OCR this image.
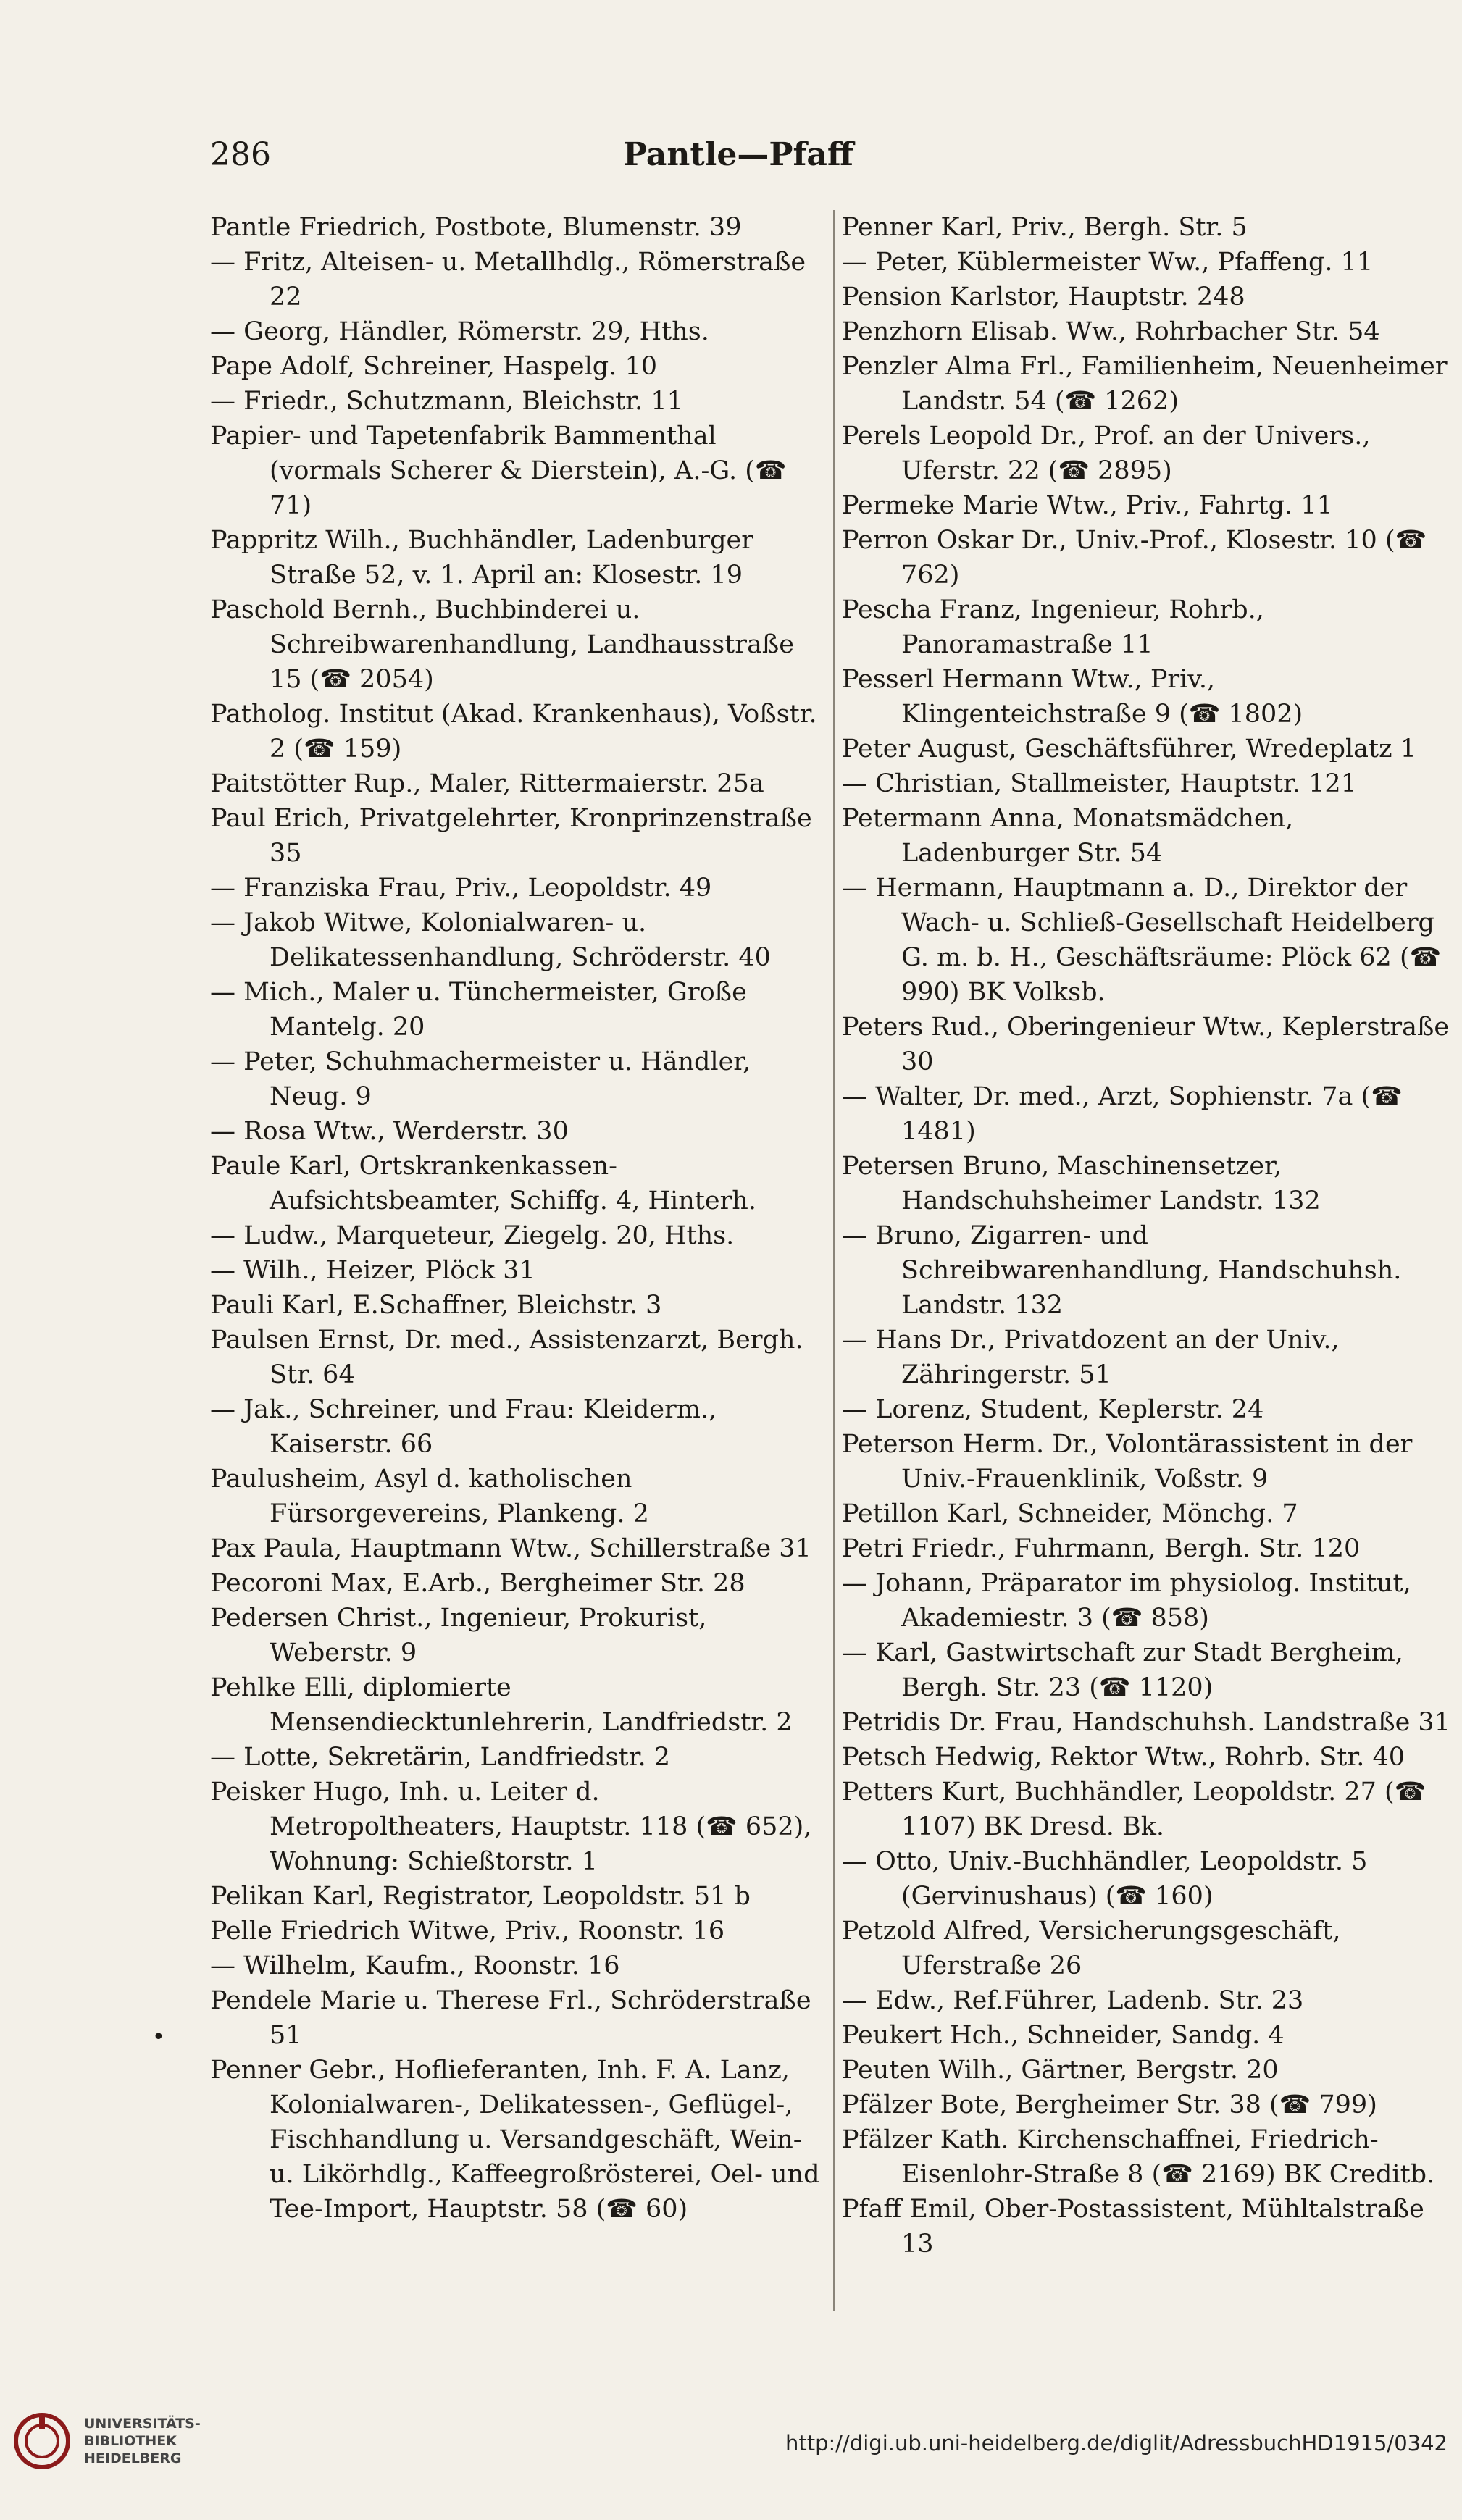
286	Pantle—Pfaff

Pantle Friedrich, Postbote, Blumenstr. 39

— Fritz, Alteisen- u. Metallhdlg., Römerstraße 22

— Georg, Händler, Römerstr. 29, Hths.

Pape Adolf, Schreiner, Haspelg. 10

— Friedr., Schutzmann, Bleichstr. 11

Papier- und Tapetenfabrik Bammenthal (vormals Scherer & Dierstein), A.-G. (☎ 71)

Pappritz Wilh., Buchhändler, Ladenburger Straße 52, v. 1. April an: Klosestr. 19

Paschold Bernh., Buchbinderei u. Schreibwarenhandlung, Landhausstraße 15 (☎ 2054)

Patholog. Institut (Akad. Krankenhaus), Voßstr. 2 (☎ 159)

Paitstötter Rup., Maler, Rittermaierstr. 25a

Paul Erich, Privatgelehrter, Kronprinzenstraße 35

— Franziska Frau, Priv., Leopoldstr. 49

— Jakob Witwe, Kolonialwaren- u. Delikatessenhandlung, Schröderstr. 40

— Mich., Maler u. Tünchermeister, Große Mantelg. 20

— Peter, Schuhmachermeister u. Händler, Neug. 9

— Rosa Wtw., Werderstr. 30

Paule Karl, Ortskrankenkassen-Aufsichtsbeamter, Schiffg. 4, Hinterh.

— Ludw., Marqueteur, Ziegelg. 20, Hths.

— Wilh., Heizer, Plöck 31

Pauli Karl, E.Schaffner, Bleichstr. 3

Paulsen Ernst, Dr. med., Assistenzarzt, Bergh. Str. 64

— Jak., Schreiner, und Frau: Kleiderm., Kaiserstr. 66

Paulusheim, Asyl d. katholischen Fürsorgevereins, Plankeng. 2

Pax Paula, Hauptmann Wtw., Schillerstraße 31

Pecoroni Max, E.Arb., Bergheimer Str. 28

Pedersen Christ., Ingenieur, Prokurist, Weberstr. 9

Pehlke Elli, diplomierte Mensendiecktunlehrerin, Landfriedstr. 2

— Lotte, Sekretärin, Landfriedstr. 2

Peisker Hugo, Inh. u. Leiter d. Metropoltheaters, Hauptstr. 118 (☎ 652), Wohnung: Schießtorstr. 1

Pelikan Karl, Registrator, Leopoldstr. 51 b

Pelle Friedrich Witwe, Priv., Roonstr. 16

— Wilhelm, Kaufm., Roonstr. 16

Pendele Marie u. Therese Frl., Schröderstraße 51

Penner Gebr., Hoflieferanten, Inh. F. A. Lanz, Kolonialwaren-, Delikatessen-, Geflügel-, Fischhandlung u. Versandgeschäft, Wein- u. Likörhdlg., Kaffeegroßrösterei, Oel- und Tee-Import, Hauptstr. 58 (☎ 60)

Penner Karl, Priv., Bergh. Str. 5

— Peter, Küblermeister Ww., Pfaffeng. 11

Pension Karlstor, Hauptstr. 248

Penzhorn Elisab. Ww., Rohrbacher Str. 54

Penzler Alma Frl., Familienheim, Neuenheimer Landstr. 54 (☎ 1262)

Perels Leopold Dr., Prof. an der Univers., Uferstr. 22 (☎ 2895)

Permeke Marie Wtw., Priv., Fahrtg. 11

Perron Oskar Dr., Univ.-Prof., Klosestr. 10 (☎ 762)

Pescha Franz, Ingenieur, Rohrb., Panoramastraße 11

Pesserl Hermann Wtw., Priv., Klingenteichstraße 9 (☎ 1802)

Peter August, Geschäftsführer, Wredeplatz 1

— Christian, Stallmeister, Hauptstr. 121

Petermann Anna, Monatsmädchen, Ladenburger Str. 54

— Hermann, Hauptmann a. D., Direktor der Wach- u. Schließ-Gesellschaft Heidelberg G. m. b. H., Geschäftsräume: Plöck 62 (☎ 990) BK Volksb.

Peters Rud., Oberingenieur Wtw., Keplerstraße 30

— Walter, Dr. med., Arzt, Sophienstr. 7a (☎ 1481)

Petersen Bruno, Maschinensetzer, Handschuhsheimer Landstr. 132

— Bruno, Zigarren- und Schreibwarenhandlung, Handschuhsh. Landstr. 132

— Hans Dr., Privatdozent an der Univ., Zähringerstr. 51

— Lorenz, Student, Keplerstr. 24

Peterson Herm. Dr., Volontärassistent in der Univ.-Frauenklinik, Voßstr. 9

Petillon Karl, Schneider, Mönchg. 7

Petri Friedr., Fuhrmann, Bergh. Str. 120

— Johann, Präparator im physiolog. Institut, Akademiestr. 3 (☎ 858)

— Karl, Gastwirtschaft zur Stadt Bergheim, Bergh. Str. 23 (☎ 1120)

Petridis Dr. Frau, Handschuhsh. Landstraße 31

Petsch Hedwig, Rektor Wtw., Rohrb. Str. 40

Petters Kurt, Buchhändler, Leopoldstr. 27 (☎ 1107) BK Dresd. Bk.

— Otto, Univ.-Buchhändler, Leopoldstr. 5 (Gervinushaus) (☎ 160)

Petzold Alfred, Versicherungsgeschäft, Uferstraße 26

— Edw., Ref.Führer, Ladenb. Str. 23

Peukert Hch., Schneider, Sandg. 4

Peuten Wilh., Gärtner, Bergstr. 20

Pfälzer Bote, Bergheimer Str. 38 (☎ 799)

Pfälzer Kath. Kirchenschaffnei, Friedrich-Eisenlohr-Straße 8 (☎ 2169) BK Creditb.

Pfaff Emil, Ober-Postassistent, Mühltalstraße 13

•
UNIVERSITÄTS-
BIBLIOTHEK
HEIDELBERG
http://digi.ub.uni-heidelberg.de/diglit/AdressbuchHD1915/0342
